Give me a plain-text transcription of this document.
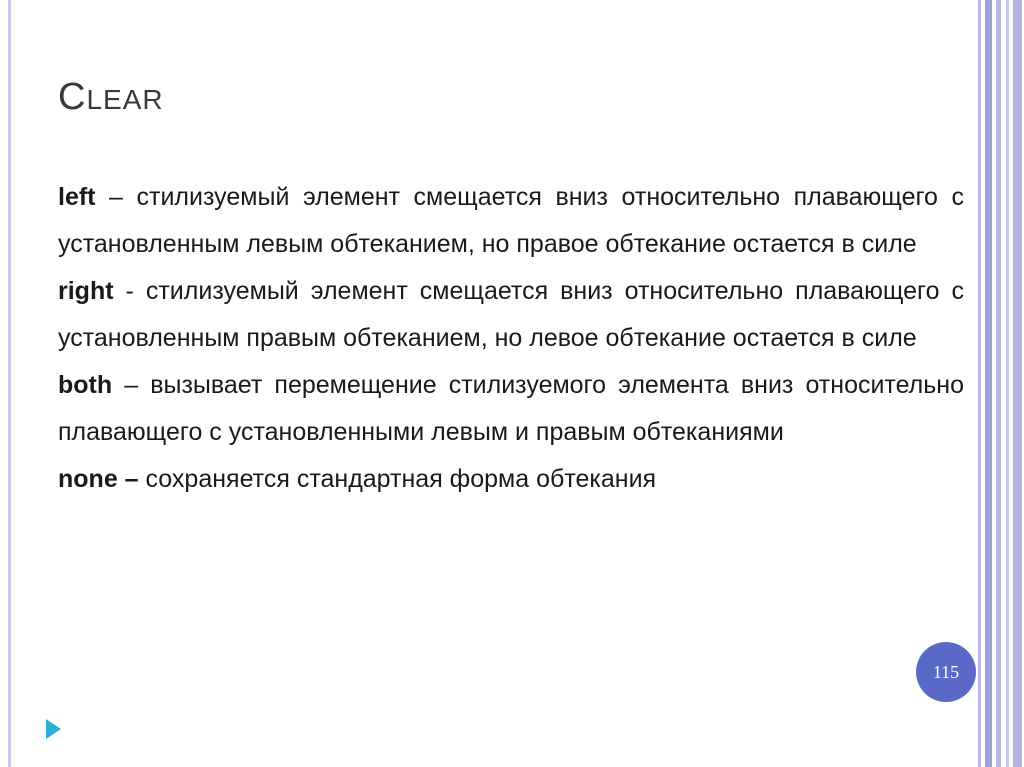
CLEAR

left – стилизуемый элемент смещается вниз относительно плавающего с установленным левым обтеканием, но правое обтекание остается в силе

right - стилизуемый элемент смещается вниз относительно плавающего с установленным правым обтеканием, но левое обтекание остается в силе

both – вызывает перемещение стилизуемого элемента вниз относительно плавающего с установленными левым и правым обтеканиями

none – сохраняется стандартная форма обтекания

115
